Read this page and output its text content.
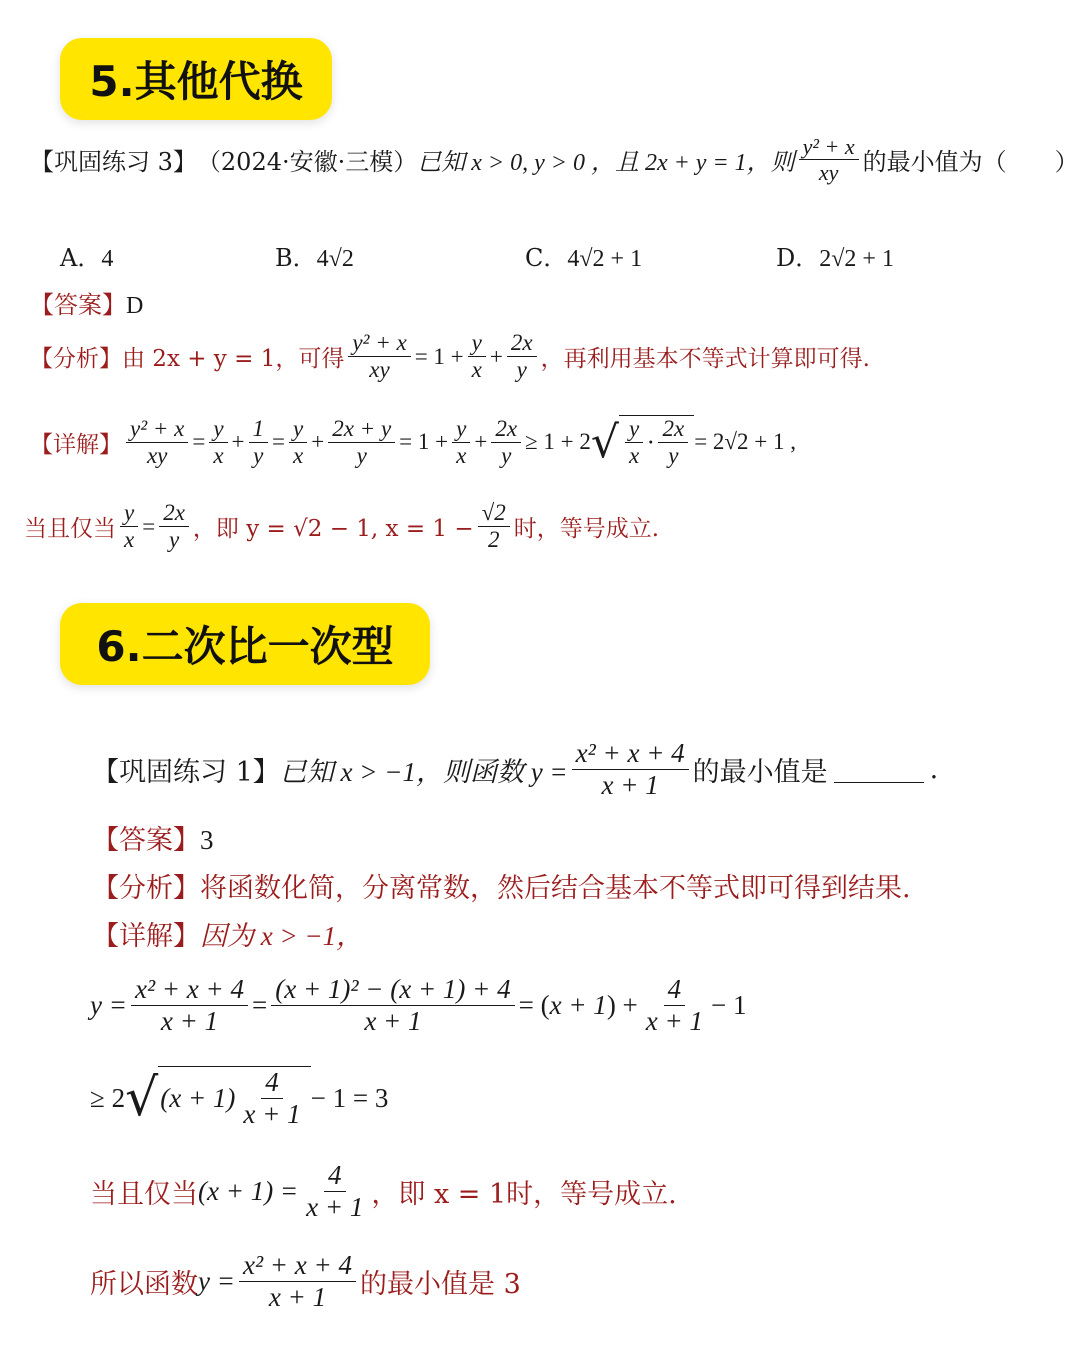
5.其他代换
【巩固练习 3】 （2024·安徽·三模） 已知 x > 0, y > 0 ，且 2x + y = 1，则 $\frac{\text{y² + x}}{xy}$ 的最小值为（　　）
A．4	B．4√2	C．4√2 + 1	D．2√2 + 1
【答案】D
【分析】 由 2x + y = 1，可得 $\frac{\text{y² + x}}{xy} = 1 + \frac{y}{x} + \frac{2x}{y}$ ，再利用基本不等式计算即可得.
【详解】 $\frac{\text{y² + x}}{xy} = \frac{y}{x} + \frac{1}{y} = \frac{y}{x} + \frac{2x + y}{y} = 1 + \frac{y}{x} + \frac{2x}{y} \ge 1 + 2$ √ $\frac{y}{x} \cdot \frac{2x}{y} = 2√2 + 1$ ,
当且仅当 $\frac{y}{x} = \frac{2x}{y}$ ，即 y = √2 − 1, $x = 1 - \frac{√2}{2}$ 时，等号成立.
6.二次比一次型
【巩固练习 1】 已知 x > −1，则函数 $y = \frac{\text{x² + x + 4}}{x + 1}$ 的最小值是	.
【答案】3
【分析】将函数化简，分离常数，然后结合基本不等式即可得到结果.
【详解】因为 x > −1，
$y = \frac{\text{x² + x + 4}}{x + 1} = \frac{\text{(x + 1)² − (x + 1) + 4}}{x + 1}$ = ( x + 1 ) + $\frac{4}{x + 1} - 1$
≥ 2 √ $(x + 1) \frac{4}{x + 1} - 1 = 3$
当且仅当 $(x + 1) = \frac{4}{x + 1}$ ，即 x = 1时，等号成立.
所以函数 $y = \frac{\text{x² + x + 4}}{x + 1}$ 的最小值是 3
